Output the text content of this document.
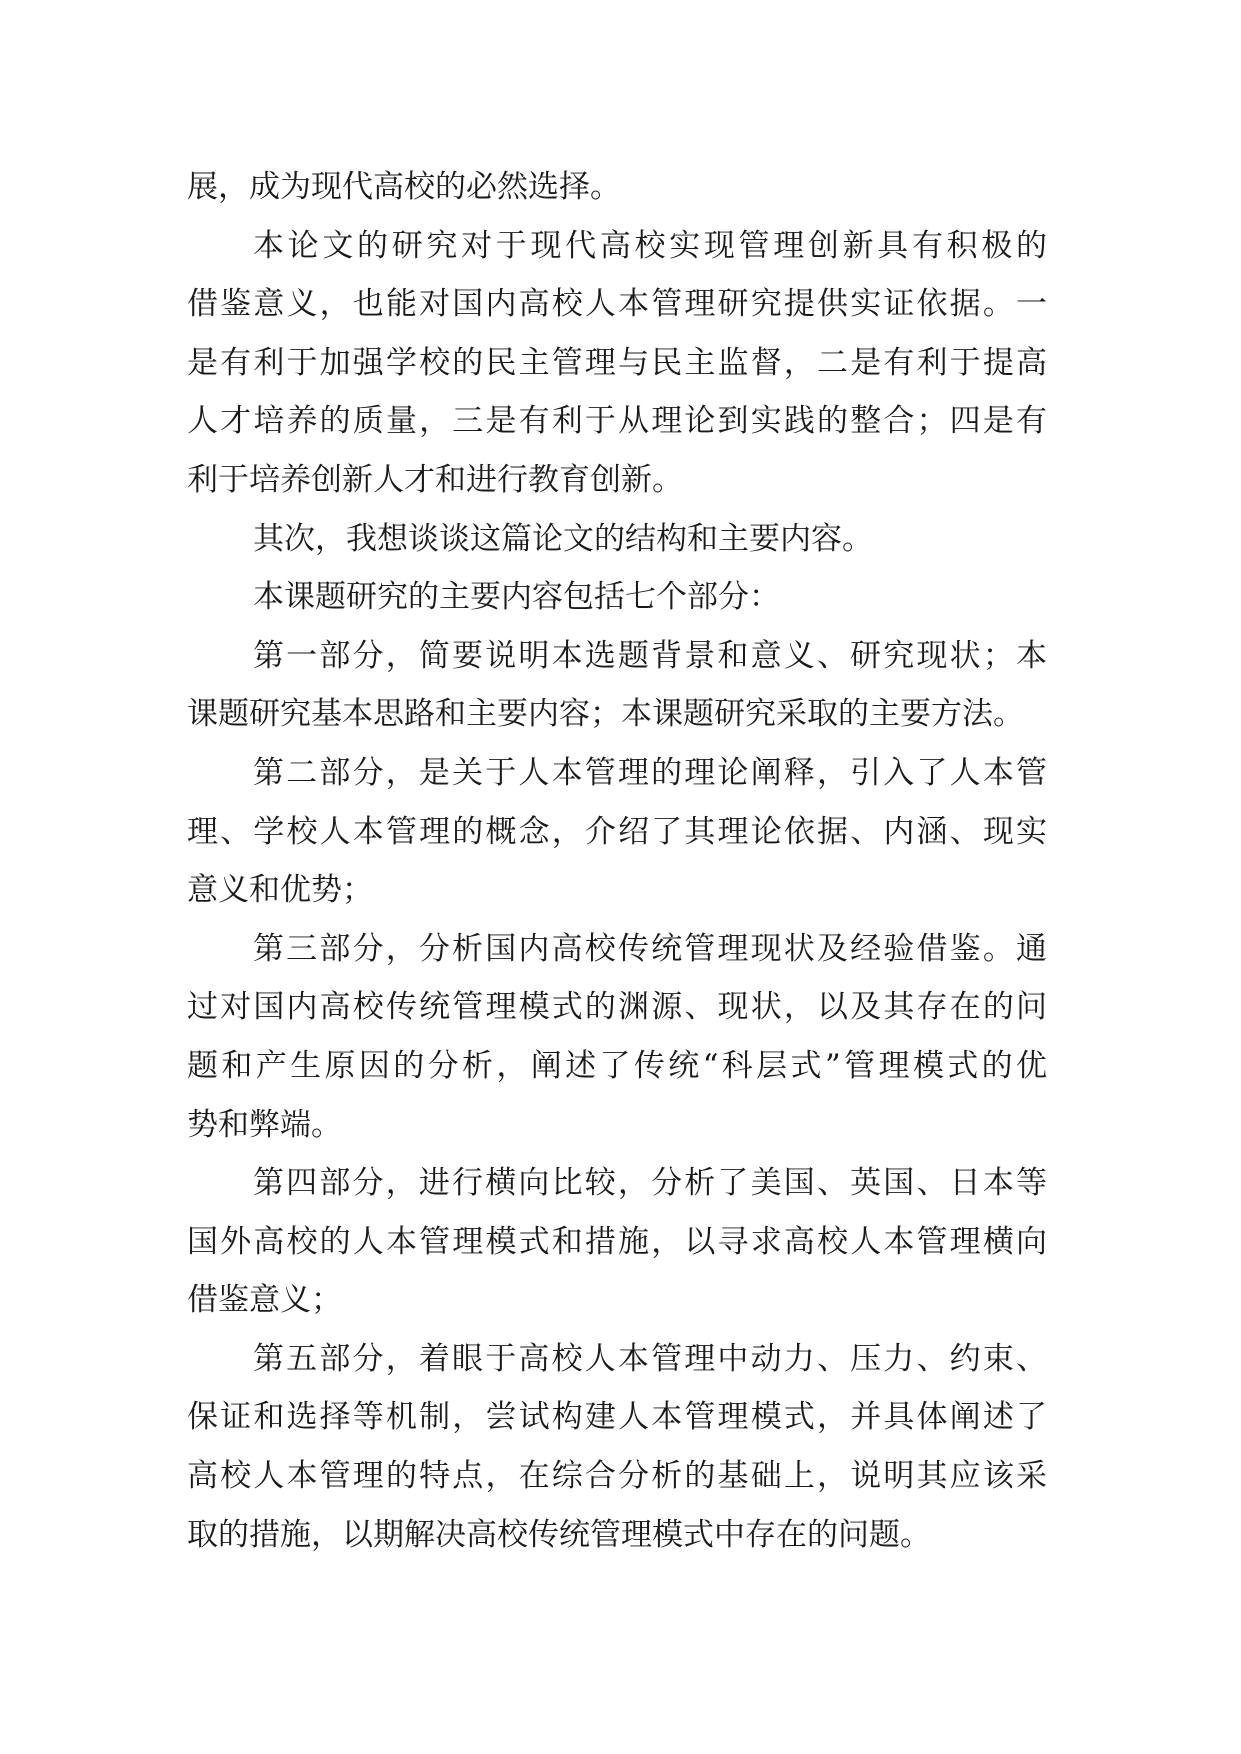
展，成为现代高校的必然选择。
本论文的研究对于现代高校实现管理创新具有积极的
借鉴意义，也能对国内高校人本管理研究提供实证依据。一
是有利于加强学校的民主管理与民主监督，二是有利于提高
人才培养的质量，三是有利于从理论到实践的整合；四是有
利于培养创新人才和进行教育创新。
其次，我想谈谈这篇论文的结构和主要内容。
本课题研究的主要内容包括七个部分：
第一部分，简要说明本选题背景和意义、研究现状；本
课题研究基本思路和主要内容；本课题研究采取的主要方法。
第二部分，是关于人本管理的理论阐释，引入了人本管
理、学校人本管理的概念，介绍了其理论依据、内涵、现实
意义和优势；
第三部分，分析国内高校传统管理现状及经验借鉴。通
过对国内高校传统管理模式的渊源、现状，以及其存在的问
题和产生原因的分析，阐述了传统“科层式”管理模式的优
势和弊端。
第四部分，进行横向比较，分析了美国、英国、日本等
国外高校的人本管理模式和措施，以寻求高校人本管理横向
借鉴意义；
第五部分，着眼于高校人本管理中动力、压力、约束、
保证和选择等机制，尝试构建人本管理模式，并具体阐述了
高校人本管理的特点，在综合分析的基础上，说明其应该采
取的措施，以期解决高校传统管理模式中存在的问题。
